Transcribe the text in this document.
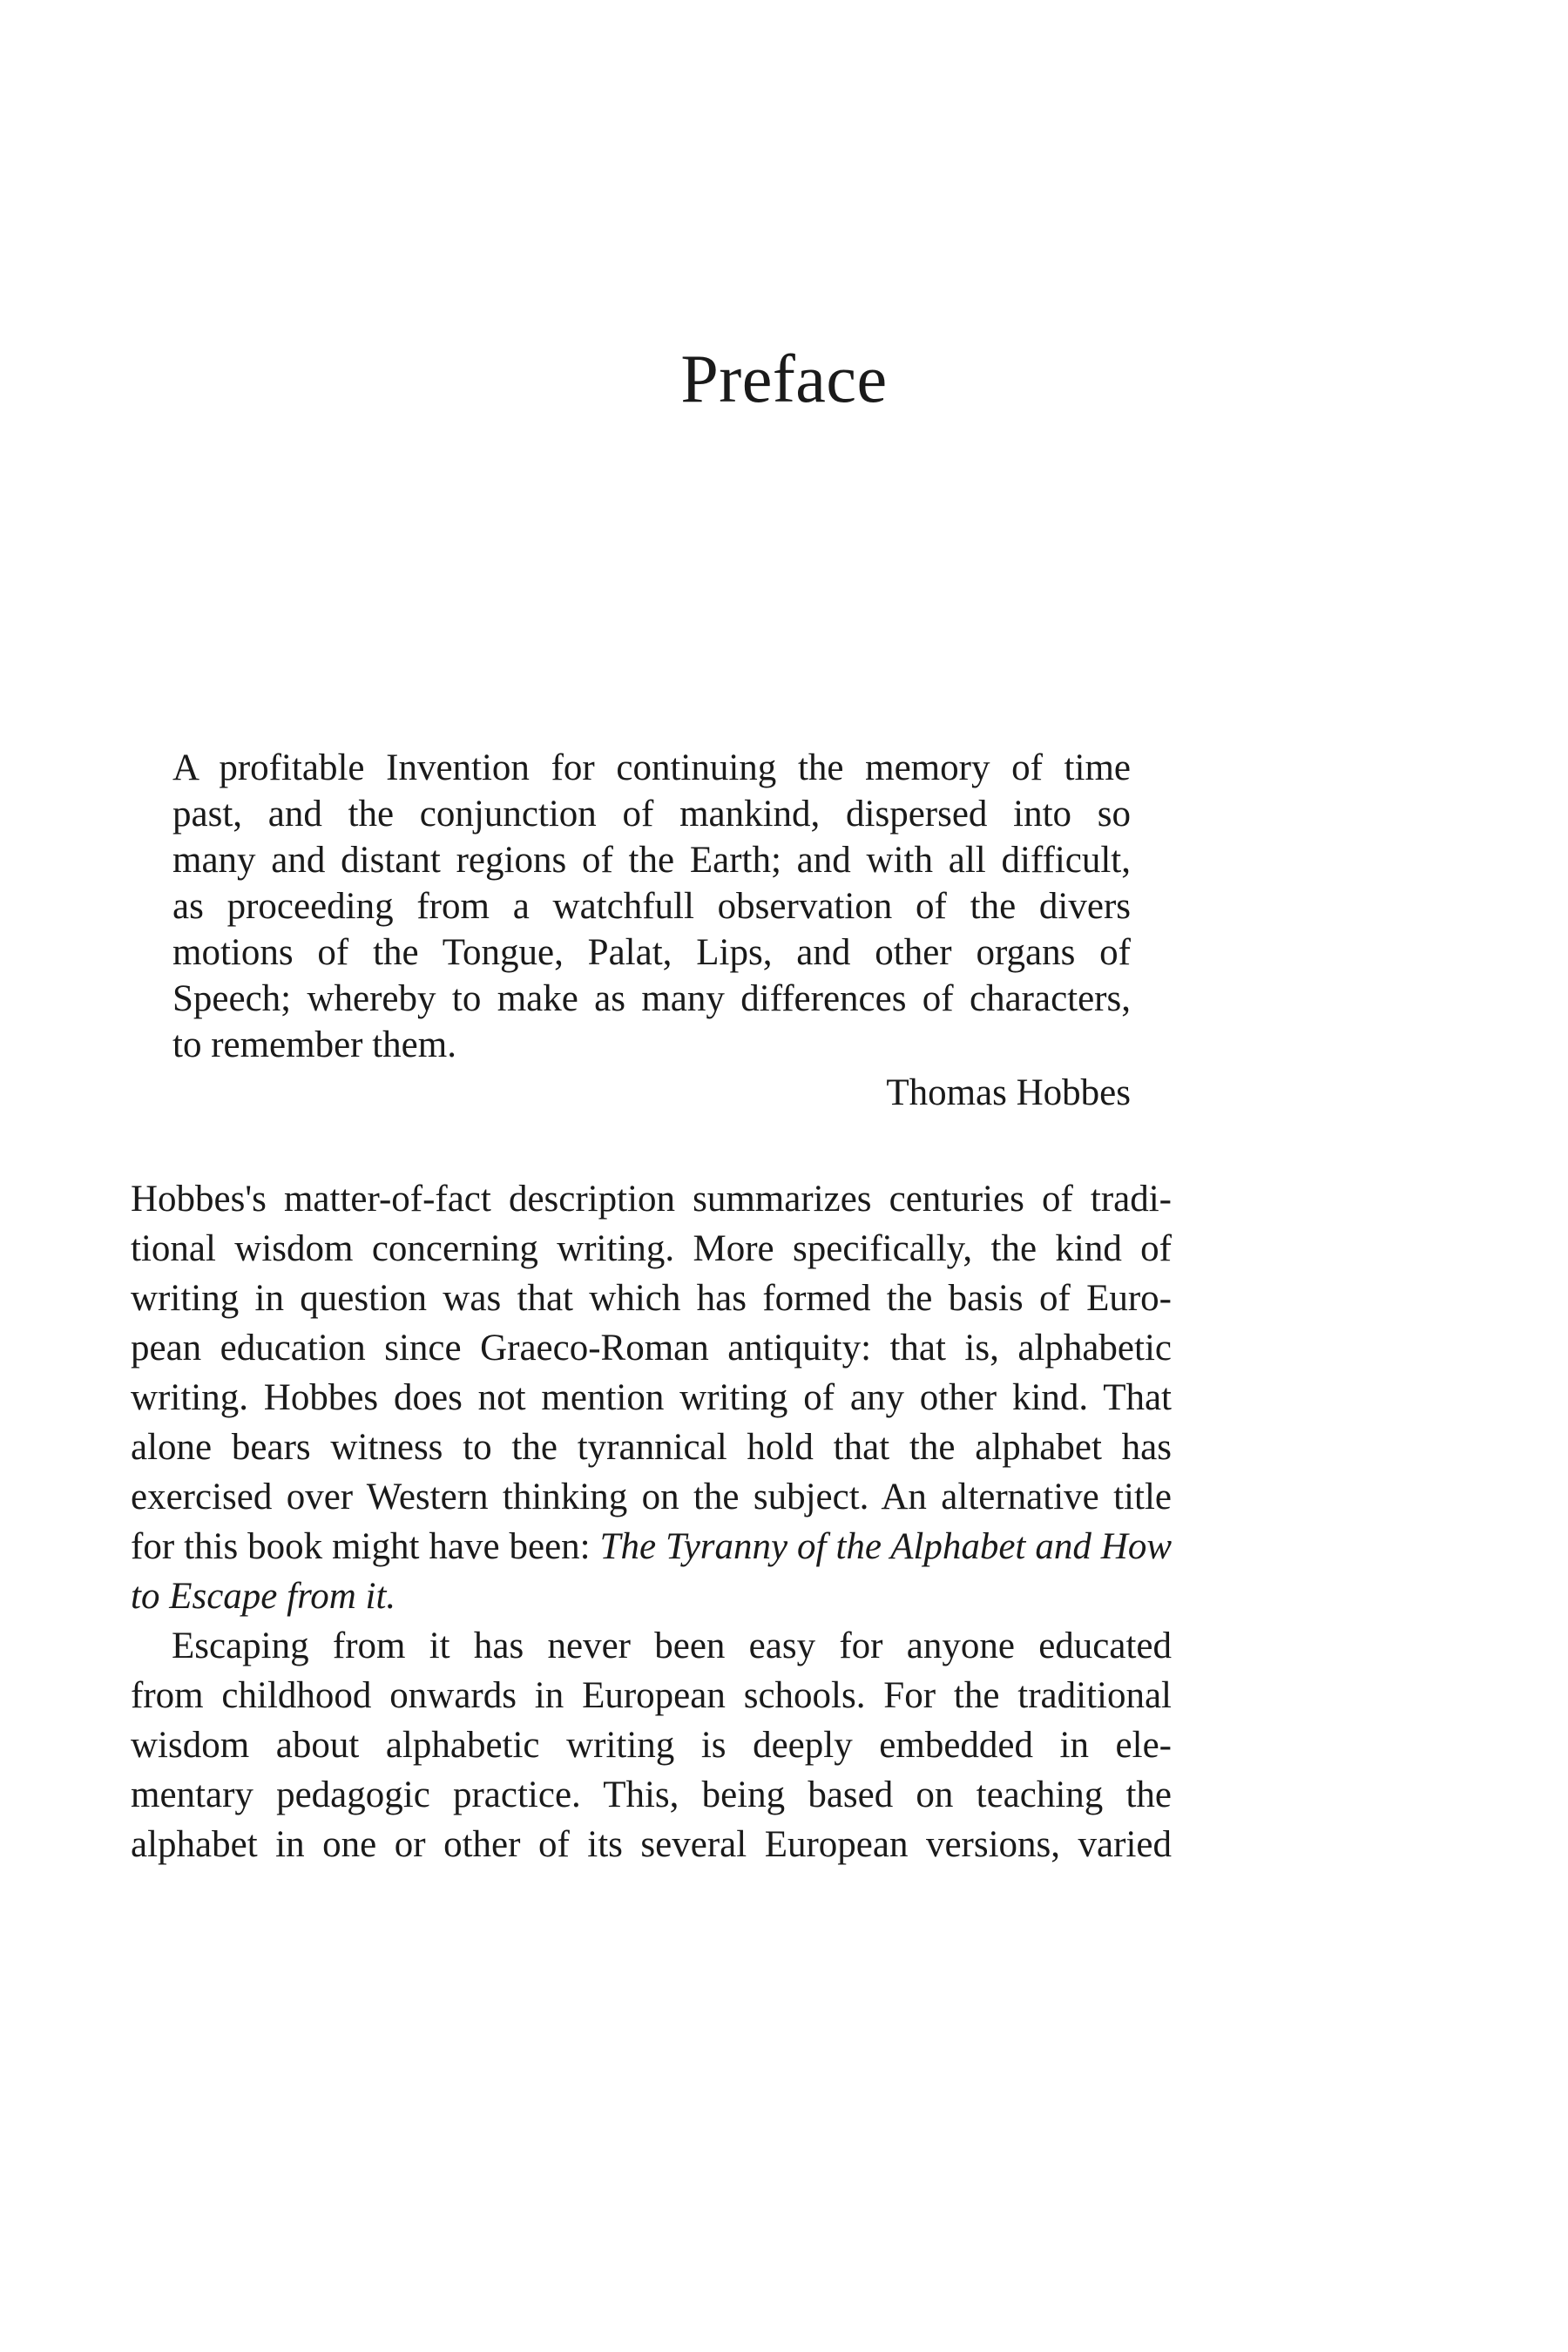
Preface
A profitable Invention for continuing the memory of time
past, and the conjunction of mankind, dispersed into so
many and distant regions of the Earth; and with all difficult,
as proceeding from a watchfull observation of the divers
motions of the Tongue, Palat, Lips, and other organs of
Speech; whereby to make as many differences of characters,
to remember them.
Thomas Hobbes
Hobbes's matter-of-fact description summarizes centuries of tradi-
tional wisdom concerning writing. More specifically, the kind of
writing in question was that which has formed the basis of Euro-
pean education since Graeco-Roman antiquity: that is, alphabetic
writing. Hobbes does not mention writing of any other kind. That
alone bears witness to the tyrannical hold that the alphabet has
exercised over Western thinking on the subject. An alternative title
for this book might have been: The Tyranny of the Alphabet and How
to Escape from it.
Escaping from it has never been easy for anyone educated
from childhood onwards in European schools. For the traditional
wisdom about alphabetic writing is deeply embedded in ele-
mentary pedagogic practice. This, being based on teaching the
alphabet in one or other of its several European versions, varied
